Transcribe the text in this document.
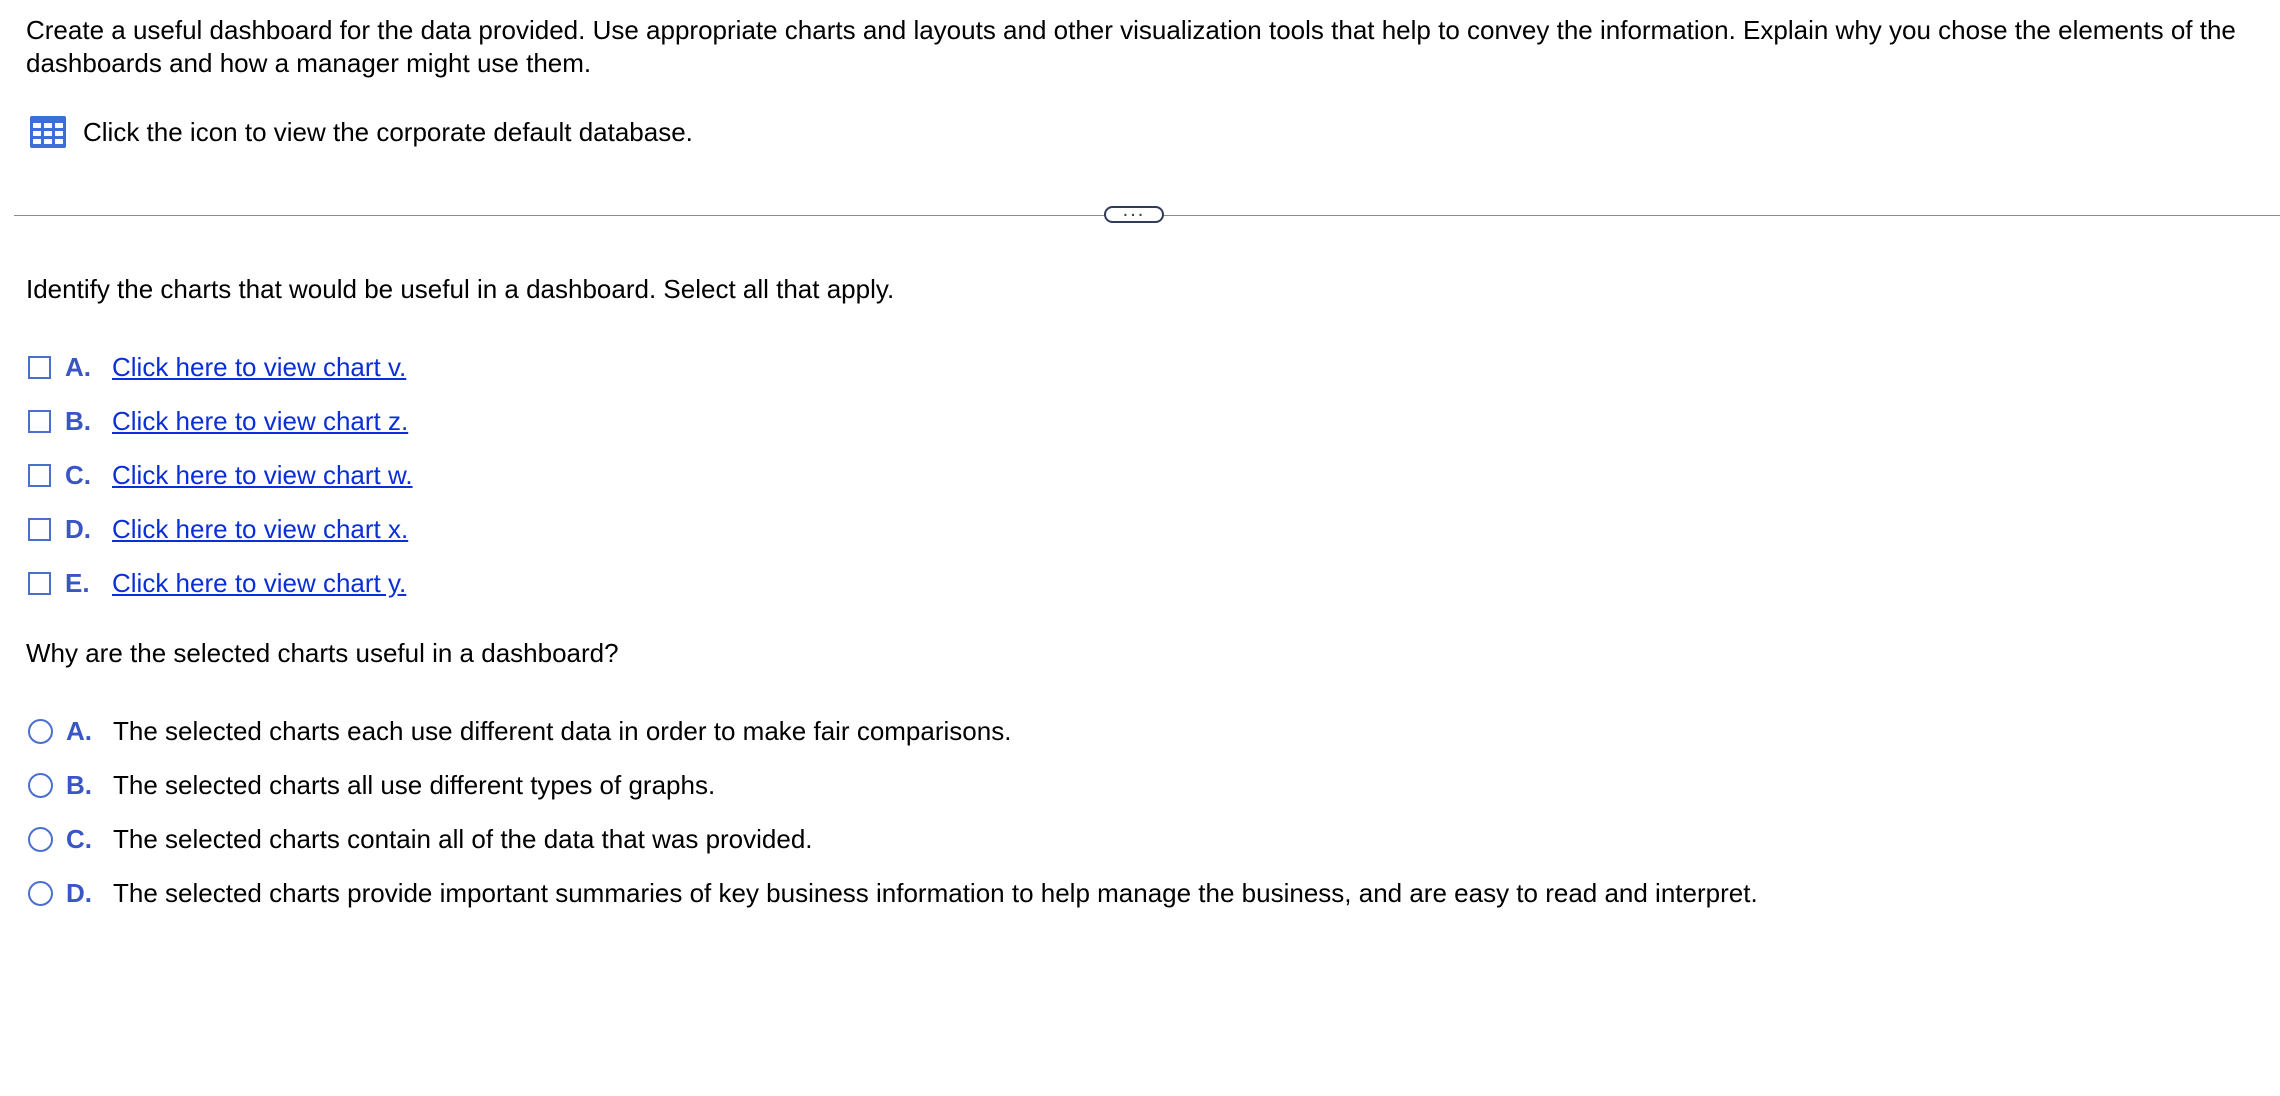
Create a useful dashboard for the data provided. Use appropriate charts and layouts and other visualization tools that help to convey the information. Explain why you chose the elements of the dashboards and how a manager might use them.
Click the icon to view the corporate default database.
...
Identify the charts that would be useful in a dashboard. Select all that apply.
A. Click here to view chart v.
B. Click here to view chart z.
C. Click here to view chart w.
D. Click here to view chart x.
E. Click here to view chart y.
Why are the selected charts useful in a dashboard?
A. The selected charts each use different data in order to make fair comparisons.
B. The selected charts all use different types of graphs.
C. The selected charts contain all of the data that was provided.
D. The selected charts provide important summaries of key business information to help manage the business, and are easy to read and interpret.
